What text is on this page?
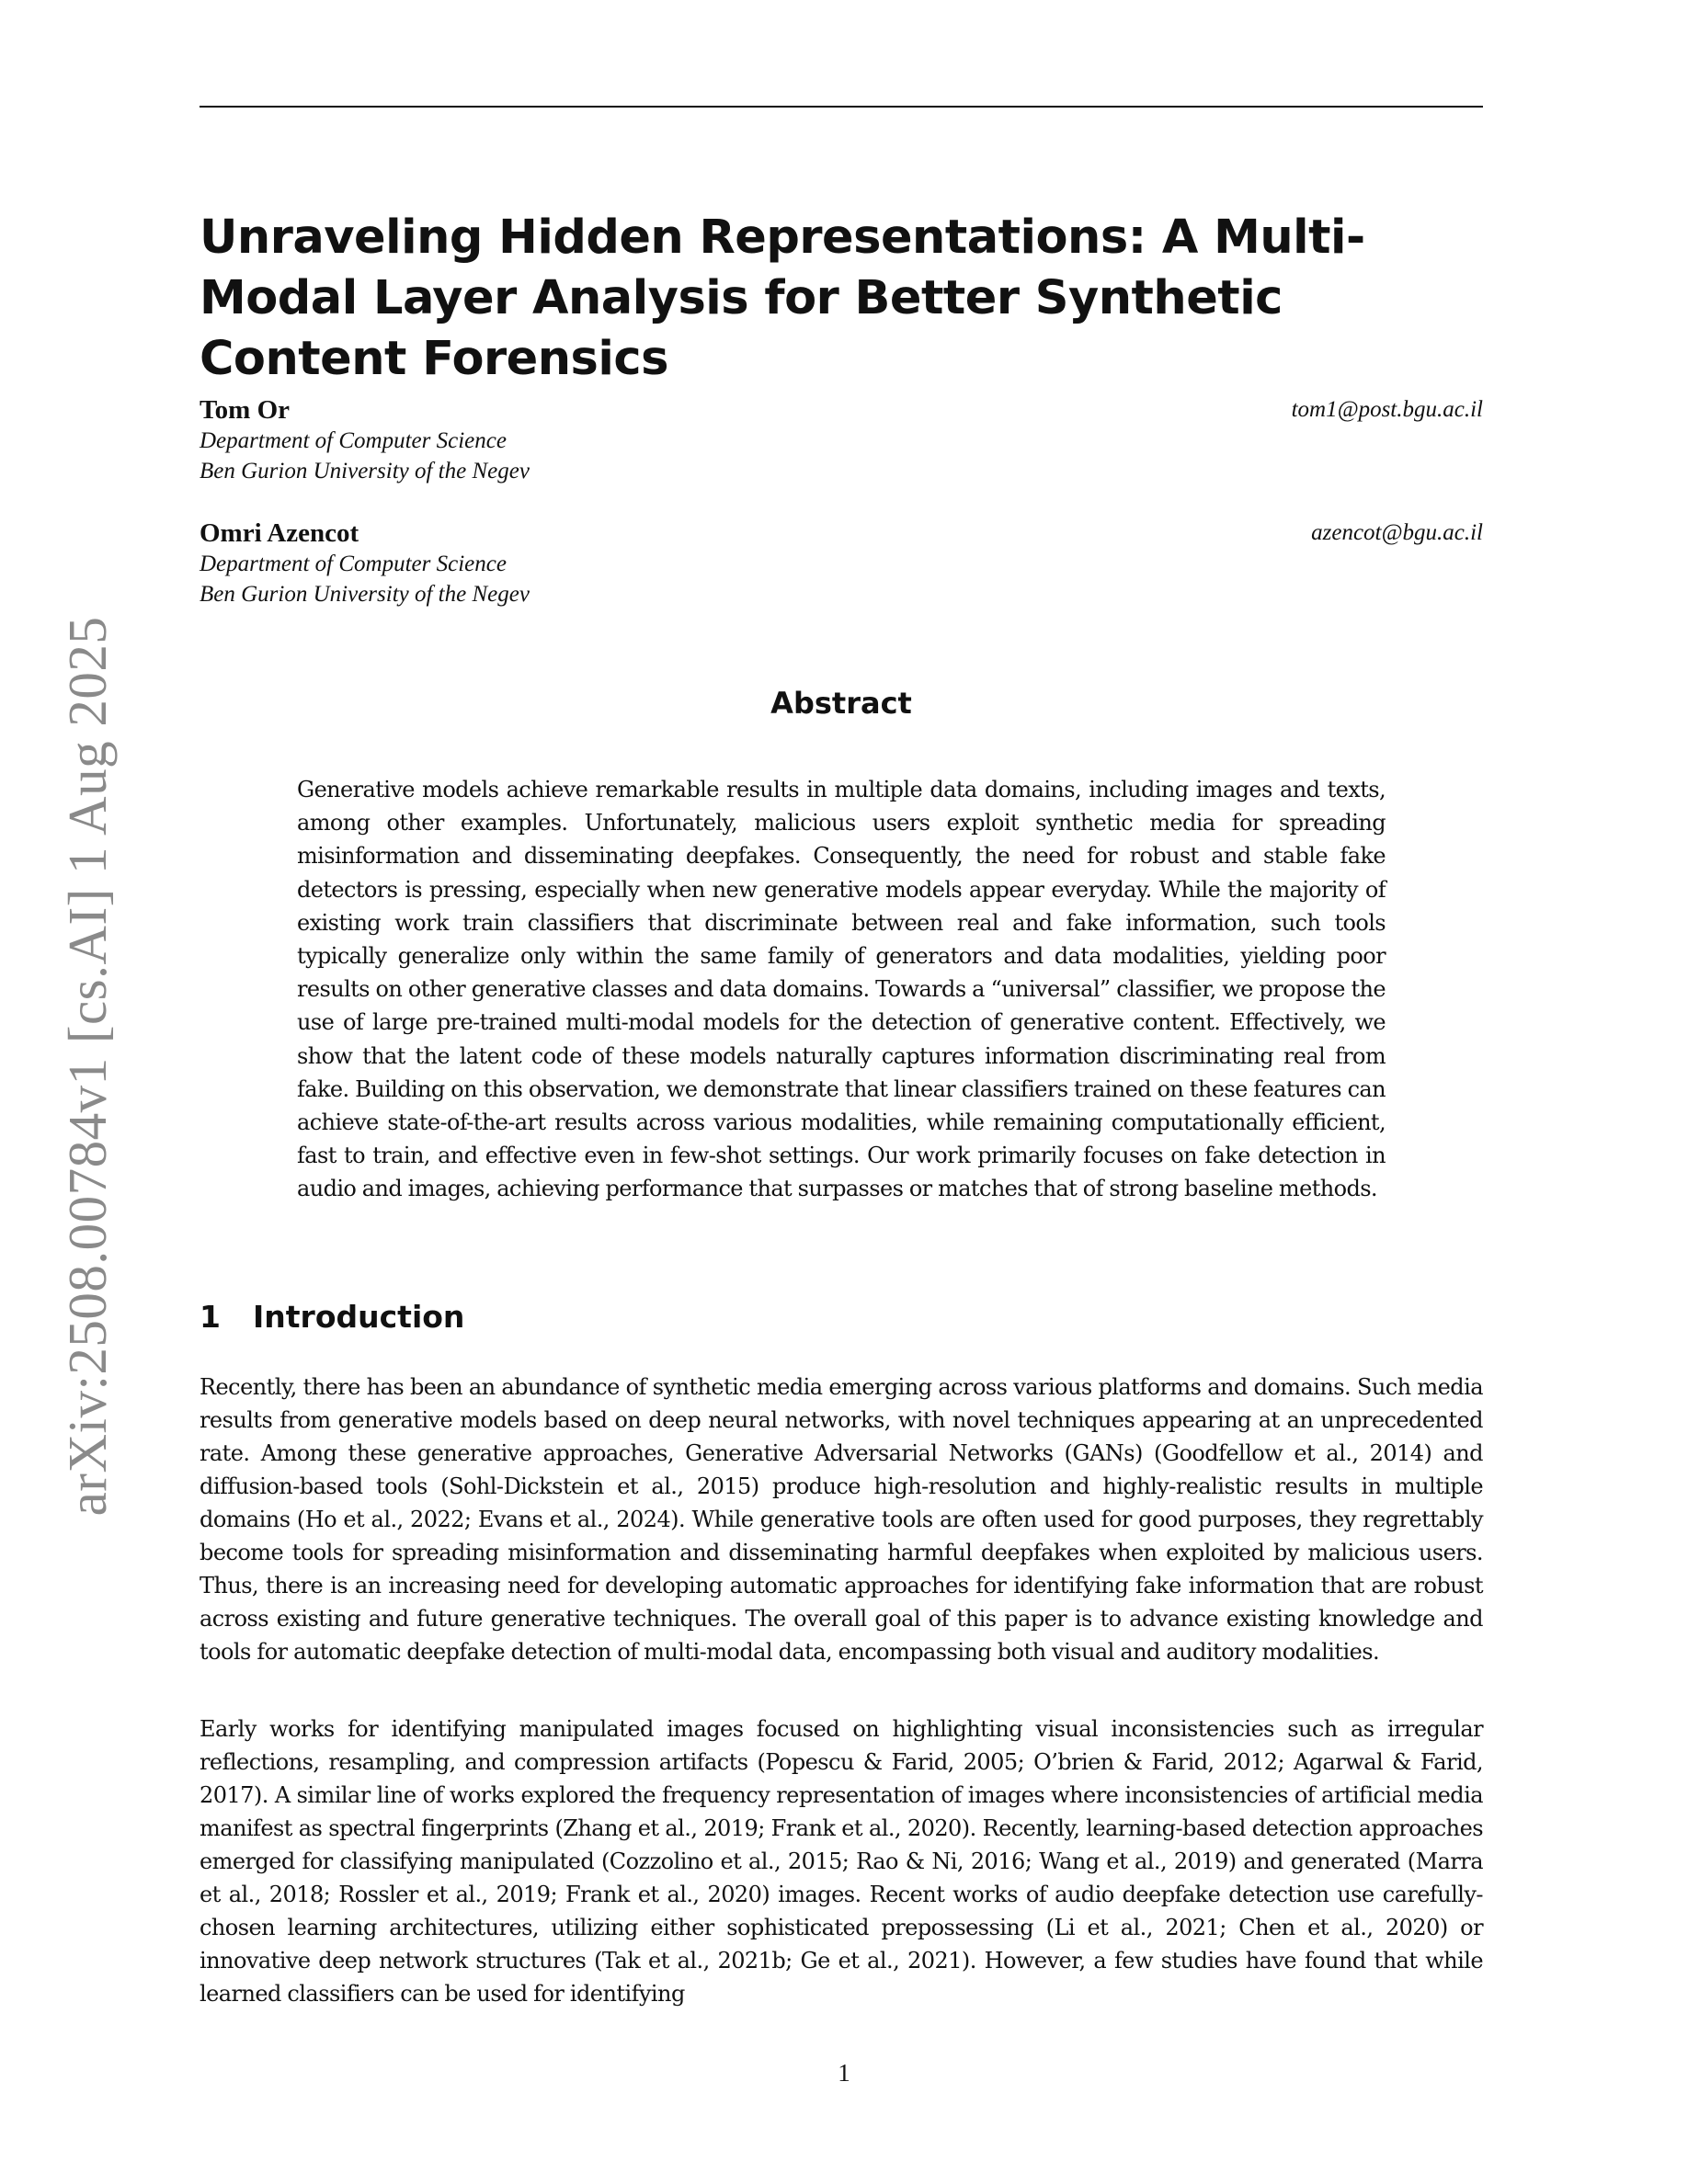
arXiv:2508.00784v1 [cs.AI] 1 Aug 2025
Unraveling Hidden Representations: A Multi-Modal Layer Analysis for Better Synthetic Content Forensics
Tom Or	tom1@post.bgu.ac.il
Department of Computer Science
Ben Gurion University of the Negev
Omri Azencot	azencot@bgu.ac.il
Department of Computer Science
Ben Gurion University of the Negev
Abstract

Generative models achieve remarkable results in multiple data domains, including images and texts, among other examples. Unfortunately, malicious users exploit synthetic media for spreading misinformation and disseminating deepfakes. Consequently, the need for robust and stable fake detectors is pressing, especially when new generative models appear everyday. While the majority of existing work train classifiers that discriminate between real and fake information, such tools typically generalize only within the same family of generators and data modalities, yielding poor results on other generative classes and data domains. Towards a “universal” classifier, we propose the use of large pre-trained multi-modal models for the detection of generative content. Effectively, we show that the latent code of these models naturally captures information discriminating real from fake. Building on this observation, we demonstrate that linear classifiers trained on these features can achieve state-of-the-art results across various modalities, while remaining computationally efficient, fast to train, and effective even in few-shot settings. Our work primarily focuses on fake detection in audio and images, achieving performance that surpasses or matches that of strong baseline methods.

1 Introduction

Recently, there has been an abundance of synthetic media emerging across various platforms and domains. Such media results from generative models based on deep neural networks, with novel techniques appearing at an unprecedented rate. Among these generative approaches, Generative Adversarial Networks (GANs) (Goodfellow et al., 2014) and diffusion-based tools (Sohl-Dickstein et al., 2015) produce high-resolution and highly-realistic results in multiple domains (Ho et al., 2022; Evans et al., 2024). While generative tools are often used for good purposes, they regrettably become tools for spreading misinformation and disseminating harmful deepfakes when exploited by malicious users. Thus, there is an increasing need for developing automatic approaches for identifying fake information that are robust across existing and future generative techniques. The overall goal of this paper is to advance existing knowledge and tools for automatic deepfake detection of multi-modal data, encompassing both visual and auditory modalities.

Early works for identifying manipulated images focused on highlighting visual inconsistencies such as irregular reflections, resampling, and compression artifacts (Popescu & Farid, 2005; O’brien & Farid, 2012; Agarwal & Farid, 2017). A similar line of works explored the frequency representation of images where inconsistencies of artificial media manifest as spectral fingerprints (Zhang et al., 2019; Frank et al., 2020). Recently, learning-based detection approaches emerged for classifying manipulated (Cozzolino et al., 2015; Rao & Ni, 2016; Wang et al., 2019) and generated (Marra et al., 2018; Rossler et al., 2019; Frank et al., 2020) images. Recent works of audio deepfake detection use carefully-chosen learning architectures, utilizing either sophisticated prepossessing (Li et al., 2021; Chen et al., 2020) or innovative deep network structures (Tak et al., 2021b; Ge et al., 2021). However, a few studies have found that while learned classifiers can be used for identifying

1
